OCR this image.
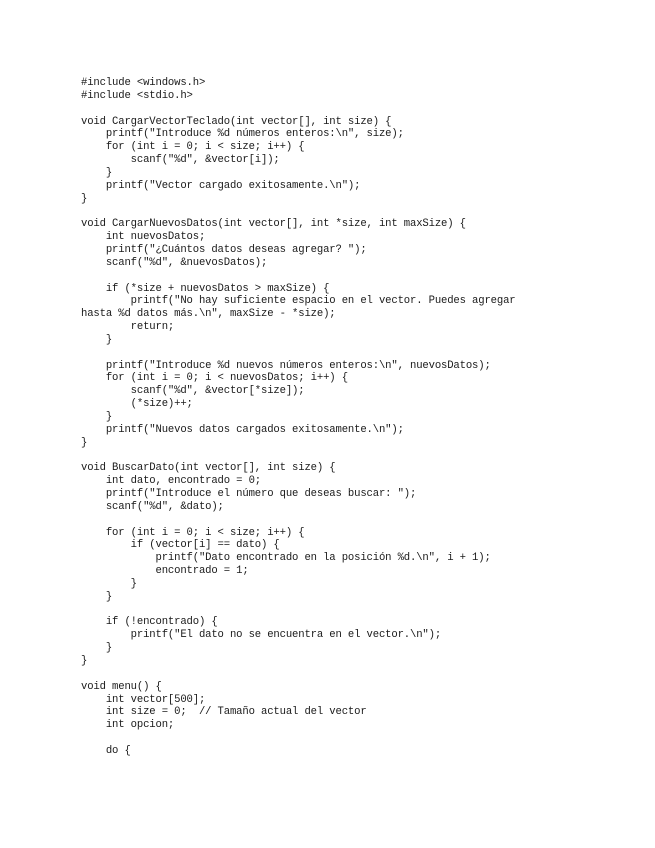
#include <windows.h>
#include <stdio.h>

void CargarVectorTeclado(int vector[], int size) {
printf("Introduce %d números enteros:\n", size);
for (int i = 0; i < size; i++) {
scanf("%d", &vector[i]);
}
printf("Vector cargado exitosamente.\n");
}

void CargarNuevosDatos(int vector[], int *size, int maxSize) {
int nuevosDatos;
printf("¿Cuántos datos deseas agregar? ");
scanf("%d", &nuevosDatos);

if (*size + nuevosDatos > maxSize) {
printf("No hay suficiente espacio en el vector. Puedes agregar
hasta %d datos más.\n", maxSize - *size);
return;
}

printf("Introduce %d nuevos números enteros:\n", nuevosDatos);
for (int i = 0; i < nuevosDatos; i++) {
scanf("%d", &vector[*size]);
(*size)++;
}
printf("Nuevos datos cargados exitosamente.\n");
}

void BuscarDato(int vector[], int size) {
int dato, encontrado = 0;
printf("Introduce el número que deseas buscar: ");
scanf("%d", &dato);

for (int i = 0; i < size; i++) {
if (vector[i] == dato) {
printf("Dato encontrado en la posición %d.\n", i + 1);
encontrado = 1;
}
}

if (!encontrado) {
printf("El dato no se encuentra en el vector.\n");
}
}

void menu() {
int vector[500];
int size = 0;  // Tamaño actual del vector
int opcion;

do {
